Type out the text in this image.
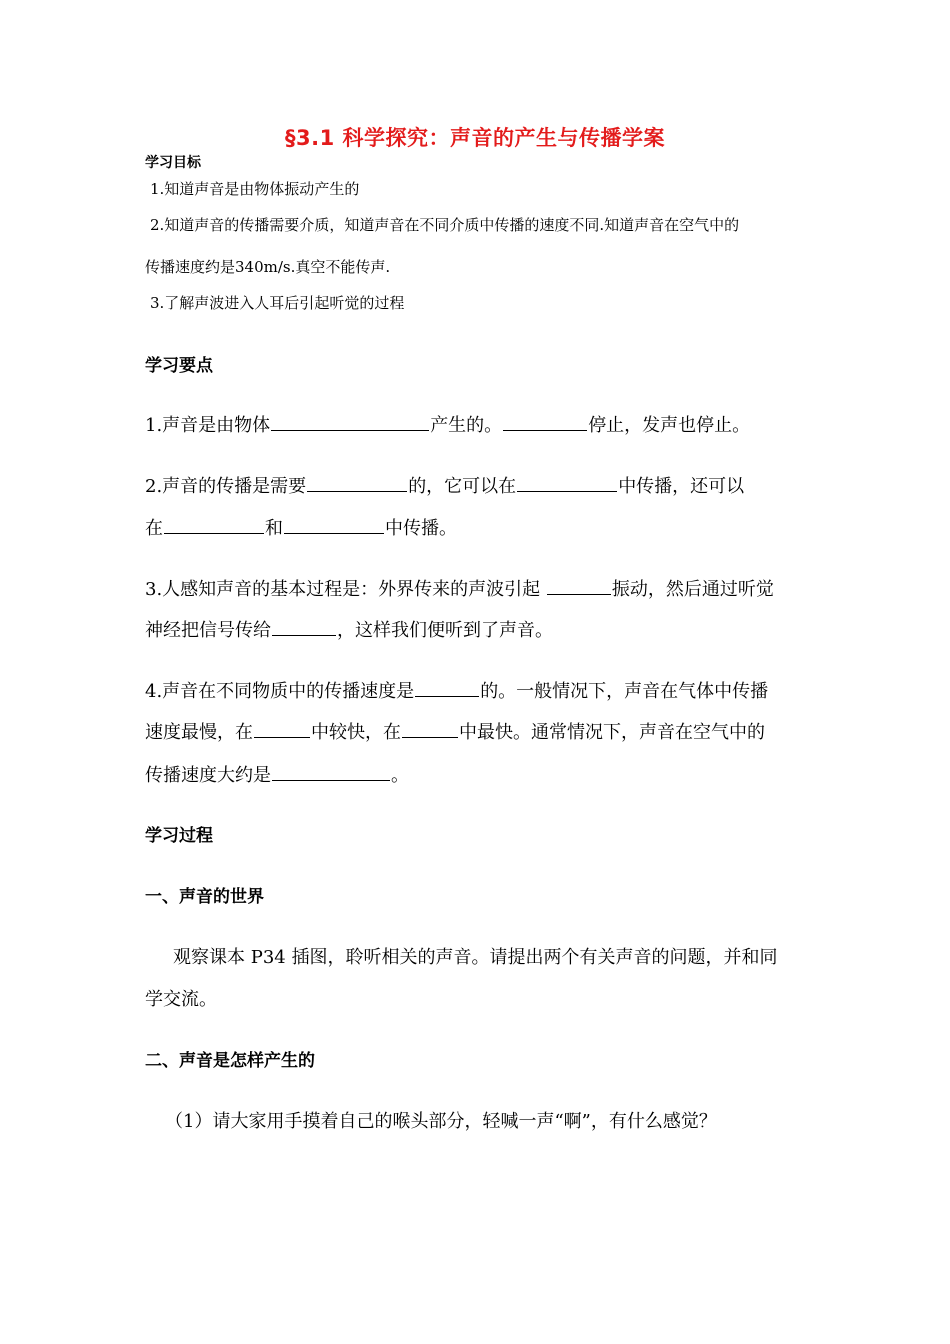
§3.1 科学探究：声音的产生与传播学案
学习目标
1.知道声音是由物体振动产生的
2.知道声音的传播需要介质，知道声音在不同介质中传播的速度不同.知道声音在空气中的
传播速度约是340m/s.真空不能传声.
3.了解声波进入人耳后引起听觉的过程
学习要点
1.声音是由物体	产生的。	停止，发声也停止。
2.声音的传播是需要	的，它可以在	中传播，还可以
在	和	中传播。
3.人感知声音的基本过程是：外界传来的声波引起	振动，然后通过听觉
神经把信号传给	，这样我们便听到了声音。
4.声音在不同物质中的传播速度是	的。一般情况下，声音在气体中传播
速度最慢，在	中较快，在	中最快。通常情况下，声音在空气中的
传播速度大约是	。
学习过程
一、声音的世界
观察课本 P34 插图，聆听相关的声音。请提出两个有关声音的问题，并和同
学交流。
二、声音是怎样产生的
（1）请大家用手摸着自己的喉头部分，轻喊一声“啊”，有什么感觉？
